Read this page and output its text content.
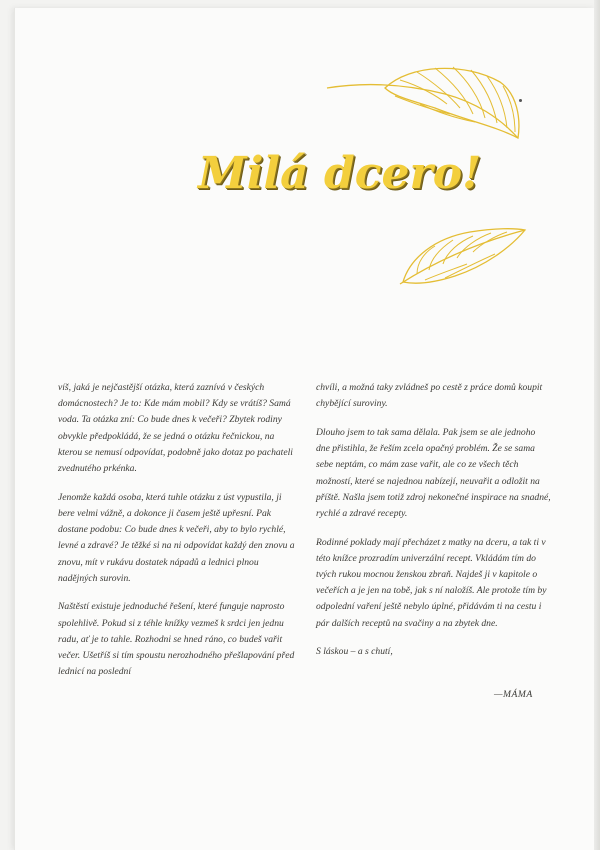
Milá dcero!

víš, jaká je nejčastější otázka, která zaznívá v českých domácnostech? Je to: Kde mám mobil? Kdy se vrátíš? Samá voda. Ta otázka zní: Co bude dnes k večeři? Zbytek rodiny obvykle předpokládá, že se jedná o otázku řečnickou, na kterou se nemusí odpovídat, podobně jako dotaz po pachateli zvednutého prkénka.

Jenomže každá osoba, která tuhle otázku z úst vypustila, ji bere velmi vážně, a dokonce ji časem ještě upřesní. Pak dostane podobu: Co bude dnes k večeři, aby to bylo rychlé, levné a zdravé? Je těžké si na ni odpovídat každý den znovu a znovu, mít v rukávu dostatek nápadů a lednici plnou nadějných surovin.

Naštěstí existuje jednoduché řešení, které funguje naprosto spolehlivě. Pokud si z téhle knížky vezmeš k srdci jen jednu radu, ať je to tahle. Rozhodni se hned ráno, co budeš vařit večer. Ušetříš si tím spoustu nerozhodného přešlapování před lednicí na poslední

chvíli, a možná taky zvládneš po cestě z práce domů koupit chybějící suroviny.

Dlouho jsem to tak sama dělala. Pak jsem se ale jednoho dne přistihla, že řeším zcela opačný problém. Že se sama sebe neptám, co mám zase vařit, ale co ze všech těch možností, které se najednou nabízejí, neuvařit a odložit na příště. Našla jsem totiž zdroj nekonečné inspirace na snadné, rychlé a zdravé recepty.

Rodinné poklady mají přecházet z matky na dceru, a tak ti v této knížce prozradím univerzální recept. Vkládám tím do tvých rukou mocnou ženskou zbraň. Najdeš ji v kapitole o večeřích a je jen na tobě, jak s ní naložíš. Ale protože tím by odpolední vaření ještě nebylo úplné, přidávám ti na cestu i pár dalších receptů na svačiny a na zbytek dne.

S láskou – a s chutí,

—MÁMA
